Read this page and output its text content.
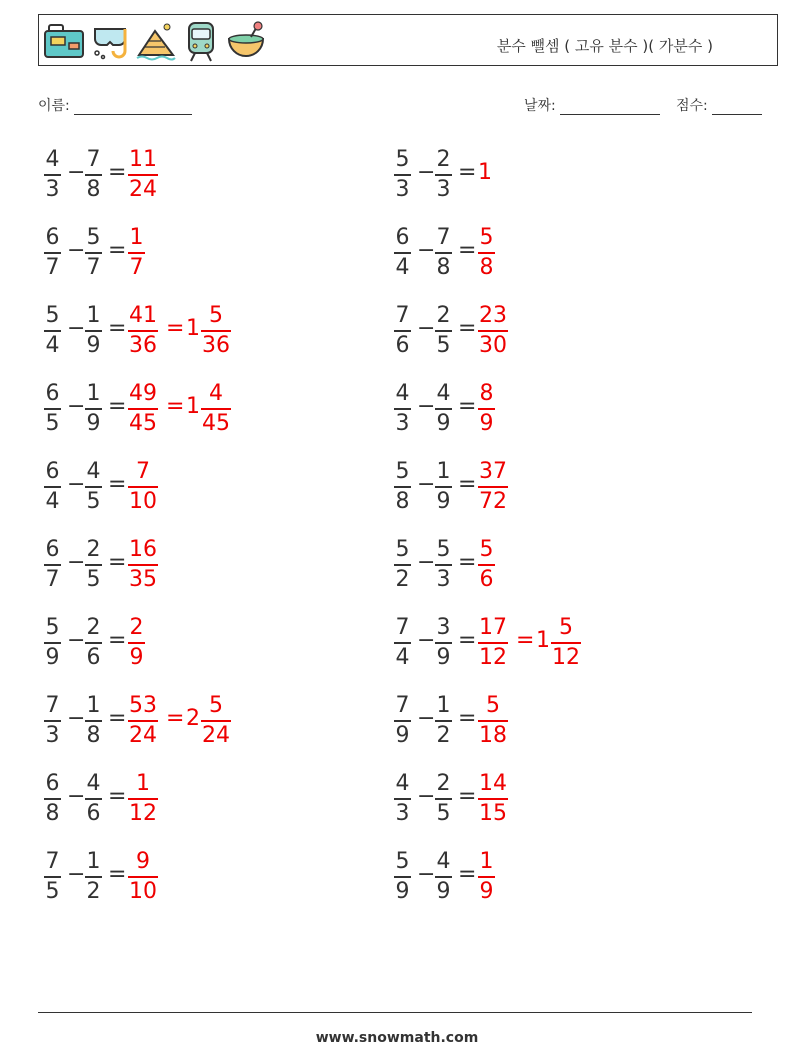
분수 뺄셈 ( 고유 분수 )( 가분수 )
이름:	날짜:	점수:
4
3
−
7
8
=
11
24
6
7
−
5
7
=
1
7
5
4
−
1
9
=
41
36
= 1
5
36
6
5
−
1
9
=
49
45
= 1
4
45
6
4
−
4
5
=
7
10
6
7
−
2
5
=
16
35
5
9
−
2
6
=
2
9
7
3
−
1
8
=
53
24
= 2
5
24
6
8
−
4
6
=
1
12
7
5
−
1
2
=
9
10
5
3
−
2
3
= 1
6
4
−
7
8
=
5
8
7
6
−
2
5
=
23
30
4
3
−
4
9
=
8
9
5
8
−
1
9
=
37
72
5
2
−
5
3
=
5
6
7
4
−
3
9
=
17
12
= 1
5
12
7
9
−
1
2
=
5
18
4
3
−
2
5
=
14
15
5
9
−
4
9
=
1
9
www.snowmath.com
